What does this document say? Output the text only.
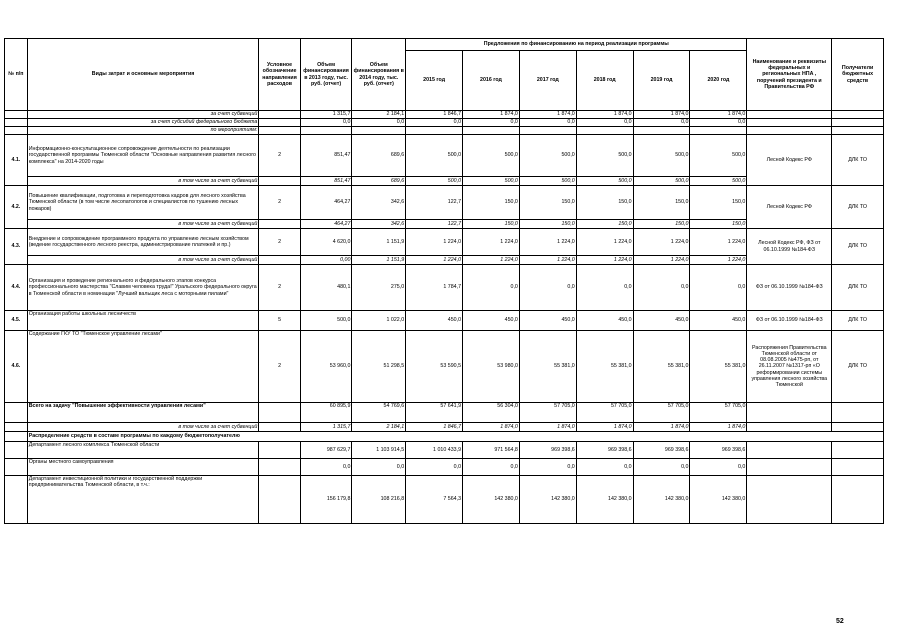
№ п/п	Виды затрат и основные мероприятия	Условное обозначение направления расходов	Объем финансирования в 2013 году, тыс. руб. (отчет)	Объем финансирования в 2014 году, тыс. руб. (отчет)	Предложения по финансированию на период реализации программы						Наименование и реквизиты федеральных и региональных НПА , поручений президента и Правительства РФ	Получатели бюджетных средств
					2015 год	2016 год	2017 год	2018 год	2019 год	2020 год		
	за счет субвенций		1 315,7	2 184,1	1 846,7	1 874,0	1 874,0	1 874,0	1 874,0	1 874,0		
	за счет субсидий федерального бюджета		0,0	0,0	0,0	0,0	0,0	0,0	0,0	0,0		
	по мероприятиям:											
4.1.	Информационно-консультационное сопровождение деятельности по реализации государственной программы Тюменской области "Основные направления развития лесного комплекса" на 2014-2020 годы	2	851,47	689,6	500,0	500,0	500,0	500,0	500,0	500,0	Лесной Кодекс РФ	ДЛК ТО
	в том числе за счет субвенций		851,47	689,6	500,0	500,0	500,0	500,0	500,0	500,0		
4.2.	Повышение квалификации, подготовка и переподготовка кадров для лесного хозяйства Тюменской области (в том числе лесопатологов и специалистов по тушению лесных пожаров)	2	464,27	342,6	122,7	150,0	150,0	150,0	150,0	150,0	Лесной Кодекс РФ	ДЛК ТО
	в том числе за счет субвенций		464,27	342,6	122,7	150,0	150,0	150,0	150,0	150,0		
4.3.	Внедрение и сопровождение программного продукта по управлению лесным хозяйством (ведение государственного лесного реестра, администрирование платежей и пр.)	2	4 620,0	1 151,9	1 224,0	1 224,0	1 224,0	1 224,0	1 224,0	1 224,0	Лесной Кодекс РФ, ФЗ от 06.10.1999 №184-ФЗ	ДЛК ТО
	в том числе за счет субвенций		0,00	1 151,9	1 224,0	1 224,0	1 224,0	1 224,0	1 224,0	1 224,0		
4.4.	Организация и проведение регионального и федерального этапов конкурса профессионального мастерства "Славим человека труда!" Уральского федерального округа в Тюменской области в номинации "Лучший вальщик леса с моторными пилами"	2	480,1	275,0	1 784,7	0,0	0,0	0,0	0,0	0,0	ФЗ от 06.10.1999 №184-ФЗ	ДЛК ТО
4.5.	Организация работы школьных лесничеств	5	500,0	1 022,0	450,0	450,0	450,0	450,0	450,0	450,0	ФЗ от 06.10.1999 №184-ФЗ	ДЛК ТО
4.6.	Содержание ГКУ ТО "Тюменское управление лесами"	2	53 960,0	51 298,5	53 590,5	53 980,0	55 381,0	55 381,0	55 381,0	55 381,0	Распоряжения Правительства Тюменской области от 08.08.2005 №475-рп, от 26.11.2007 №1317-рп «О реформировании системы управления лесного хозяйства Тюменской	ДЛК ТО
	Всего на задачу "Повышение эффективности управления лесами"		60 895,9	54 769,6	57 641,9	56 304,0	57 705,0	57 705,0	57 705,0	57 705,0		
	в том числе за счет субвенций		1 315,7	2 184,1	1 846,7	1 874,0	1 874,0	1 874,0	1 874,0	1 874,0		
	Распределение средств в составе программы по каждому бюджетополучателю											
	Департамент лесного комплекса Тюменской области		987 629,7	1 103 914,5	1 010 433,9	971 564,8	969 398,6	969 398,6	969 398,6	969 398,6		
	Органы местного самоуправления		0,0	0,0	0,0	0,0	0,0	0,0	0,0	0,0		
	Департамент инвестиционной политики и государственной поддержки предпринимательства Тюменской области, в т.ч.:		156 179,8	108 216,8	7 564,3	142 380,0	142 380,0	142 380,0	142 380,0	142 380,0		
52
